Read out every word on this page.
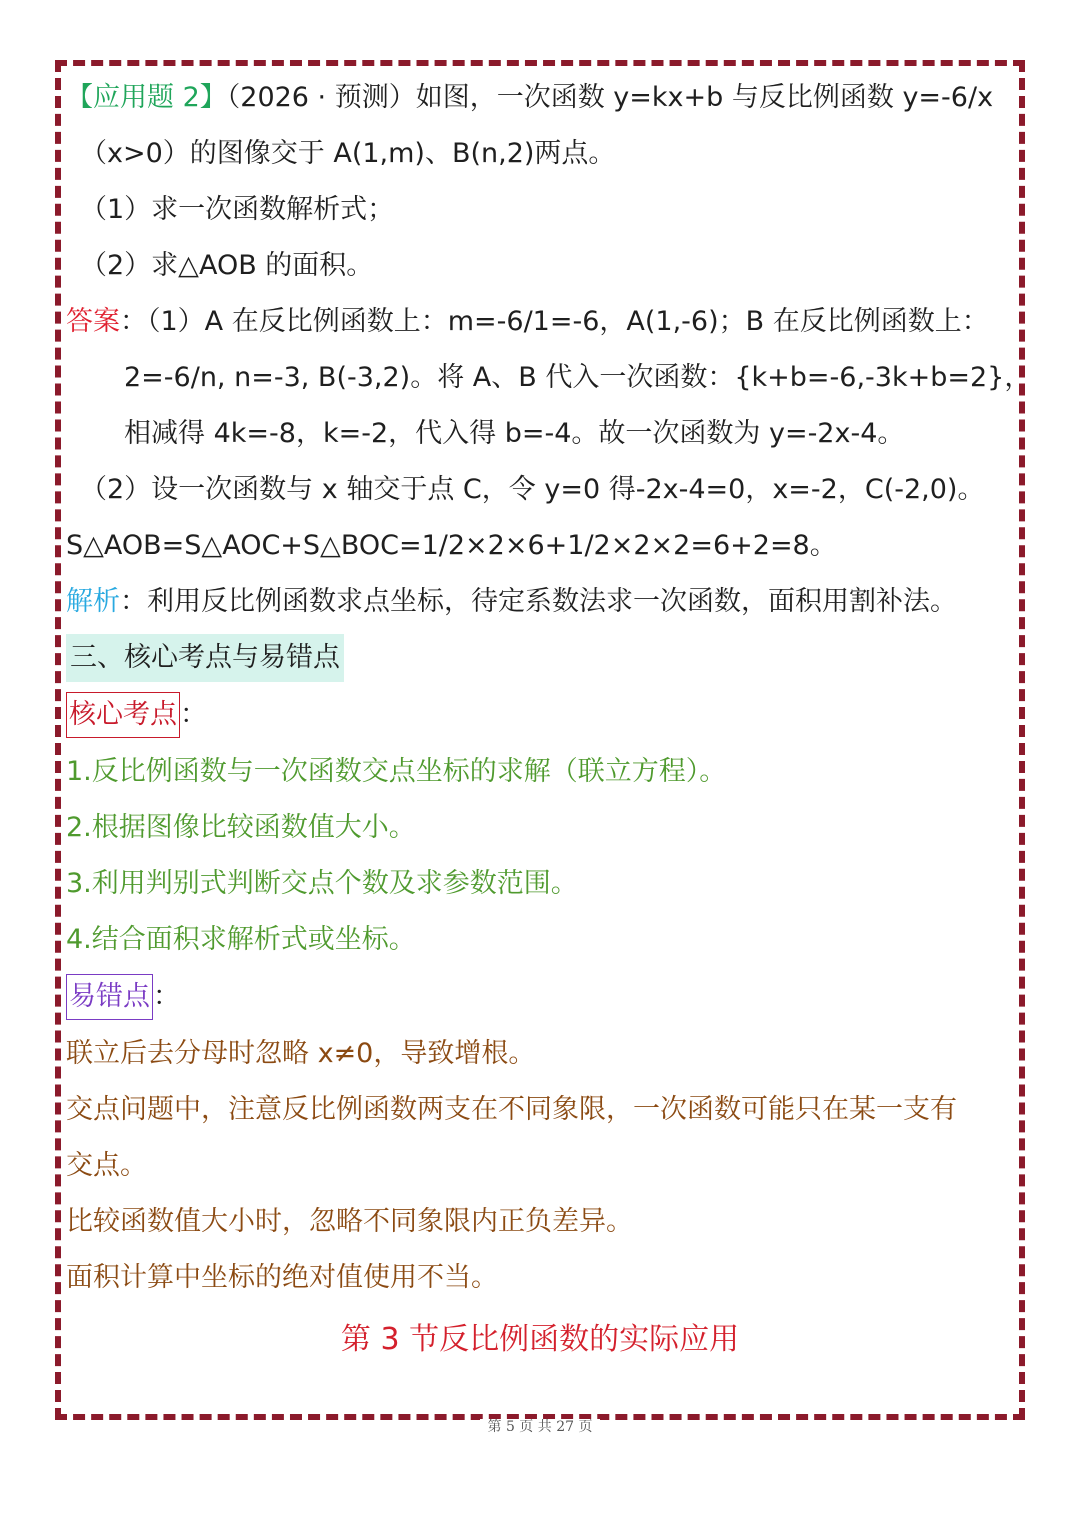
【应用题 2】（2026 · 预测）如图，一次函数 y=kx+b 与反比例函数 y=-6/x
（x>0）的图像交于 A(1,m)、B(n,2)两点。
（1）求一次函数解析式；
（2）求△AOB 的面积。
答案：（1）A 在反比例函数上：m=-6/1=-6，A(1,-6)；B 在反比例函数上：
2=-6/n, n=-3, B(-3,2)。将 A、B 代入一次函数：{k+b=-6,-3k+b=2}，
相减得 4k=-8，k=-2，代入得 b=-4。故一次函数为 y=-2x-4。
（2）设一次函数与 x 轴交于点 C，令 y=0 得-2x-4=0，x=-2，C(-2,0)。
S△AOB=S△AOC+S△BOC=1/2×2×6+1/2×2×2=6+2=8。
解析：利用反比例函数求点坐标，待定系数法求一次函数，面积用割补法。
三、核心考点与易错点
核心考点 ：
1.反比例函数与一次函数交点坐标的求解（联立方程）。
2.根据图像比较函数值大小。
3.利用判别式判断交点个数及求参数范围。
4.结合面积求解析式或坐标。
易错点 ：
联立后去分母时忽略 x≠0，导致增根。
交点问题中，注意反比例函数两支在不同象限，一次函数可能只在某一支有
交点。
比较函数值大小时，忽略不同象限内正负差异。
面积计算中坐标的绝对值使用不当。
第 3 节反比例函数的实际应用
第 5 页 共 27 页
